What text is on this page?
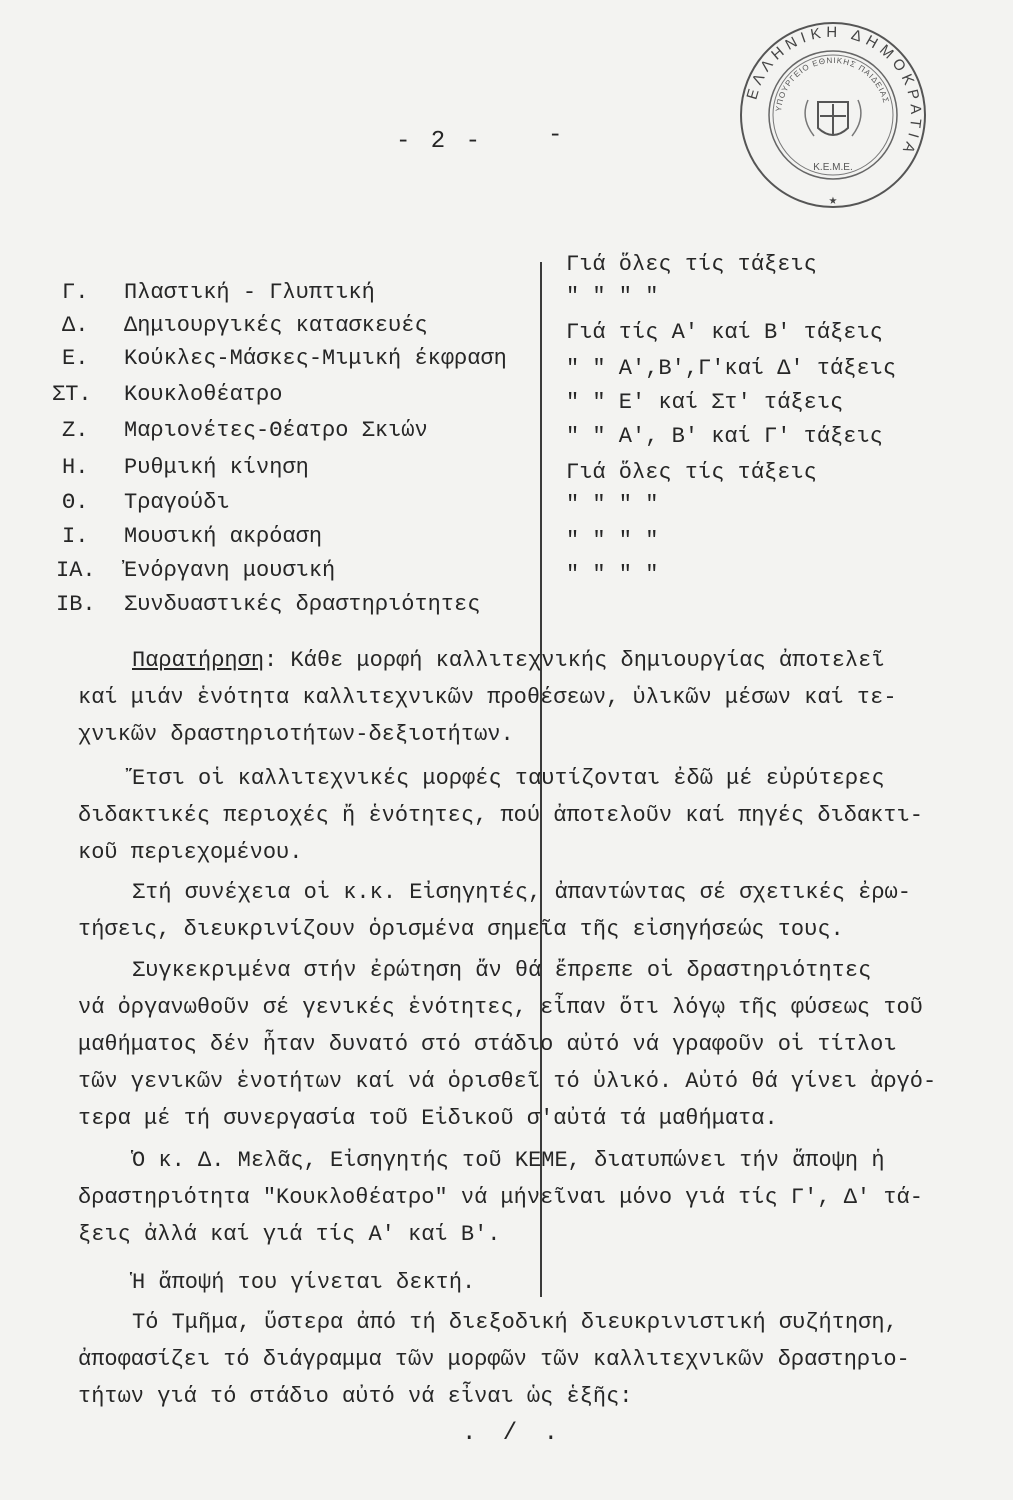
- 2 -	-
ΕΛΛΗΝΙΚΗ ΔΗΜΟΚΡΑΤΙΑ
ΥΠΟΥΡΓΕΙΟ ΕΘΝΙΚΗΣ ΠΑΙΔΕΙΑΣ
Κ.Ε.Μ.Ε.
★
Γ. Πλαστική - Γλυπτική
Δ. Δημιουργικές κατασκευές
Ε. Κούκλες-Μάσκες-Μιμική έκφραση
ΣΤ. Κουκλοθέατρο
Ζ. Μαριονέτες-Θέατρο Σκιών
Η. Ρυθμική κίνηση
Θ. Τραγούδι
Ι. Μουσική ακρόαση
ΙΑ. Ἐνόργανη μουσική
ΙΒ. Συνδυαστικές δραστηριότητες
Γιά ὅλες τίς τάξεις
" " " "
Γιά τίς Α' καί Β' τάξεις
" " Α',Β',Γ'καί Δ' τάξεις
" " Ε' καί Στ' τάξεις
" " Α', Β' καί Γ' τάξεις
Γιά ὅλες τίς τάξεις
" " " "
" " " "
" " " "
Παρατήρηση: Κάθε μορφή καλλιτεχνικής δημιουργίας ἀποτελεῖ
καί μιάν ἑνότητα καλλιτεχνικῶν προθέσεων, ὑλικῶν μέσων καί τε-
χνικῶν δραστηριοτήτων-δεξιοτήτων.
Ἔτσι οἱ καλλιτεχνικές μορφές ταυτίζονται ἐδῶ μέ εὐρύτερες
διδακτικές περιοχές ἤ ἑνότητες, πού ἀποτελοῦν καί πηγές διδακτι-
κοῦ περιεχομένου.
Στή συνέχεια οἱ κ.κ. Εἰσηγητές, ἀπαντώντας σέ σχετικές ἐρω-
τήσεις, διευκρινίζουν ὁρισμένα σημεῖα τῆς εἰσηγήσεώς τους.
Συγκεκριμένα στήν ἐρώτηση ἄν θά ἔπρεπε οἱ δραστηριότητες
νά ὀργανωθοῦν σέ γενικές ἑνότητες, εἶπαν ὅτι λόγῳ τῆς φύσεως τοῦ
μαθήματος δέν ἦταν δυνατό στό στάδιο αὐτό νά γραφοῦν οἱ τίτλοι
τῶν γενικῶν ἑνοτήτων καί νά ὁρισθεῖ τό ὑλικό. Αὐτό θά γίνει ἀργό-
τερα μέ τή συνεργασία τοῦ Εἰδικοῦ σ'αὐτά τά μαθήματα.
Ὁ κ. Δ. Μελᾶς, Εἰσηγητής τοῦ ΚΕΜΕ, διατυπώνει τήν ἄποψη ἡ
δραστηριότητα "Κουκλοθέατρο" νά μήνεῖναι μόνο γιά τίς Γ', Δ' τά-
ξεις ἀλλά καί γιά τίς Α' καί Β'.
Ἡ ἄποψή του γίνεται δεκτή.
Τό Τμῆμα, ὕστερα ἀπό τή διεξοδική διευκρινιστική συζήτηση,
ἀποφασίζει τό διάγραμμα τῶν μορφῶν τῶν καλλιτεχνικῶν δραστηριο-
τήτων γιά τό στάδιο αὐτό νά εἶναι ὡς ἑξῆς:
. / .
